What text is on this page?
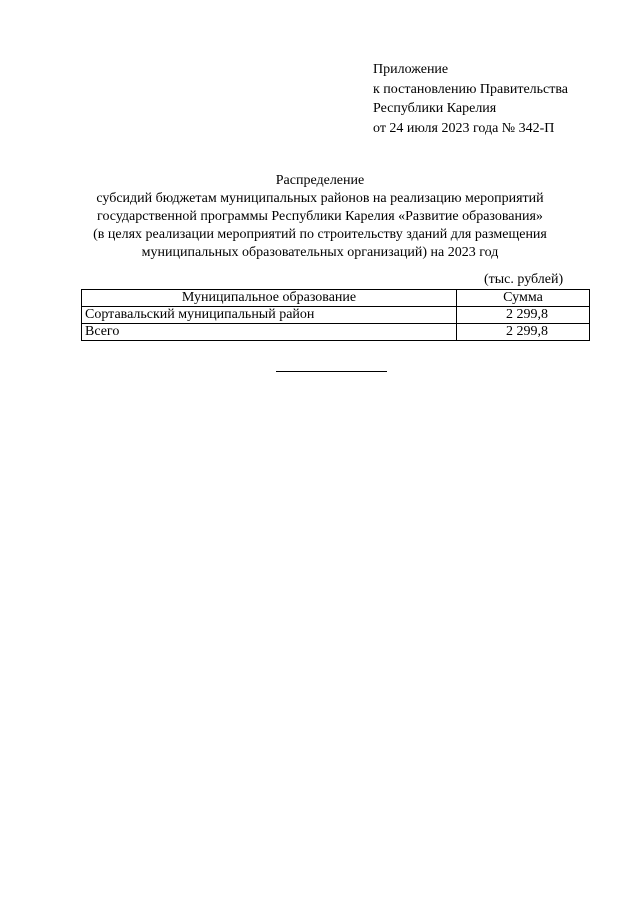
Приложение
к постановлению Правительства
Республики Карелия
от 24 июля 2023 года № 342-П
Распределение
субсидий бюджетам муниципальных районов на реализацию мероприятий
государственной программы Республики Карелия «Развитие образования»
(в целях реализации мероприятий по строительству зданий для размещения
муниципальных образовательных организаций) на 2023 год
(тыс. рублей)
Муниципальное образование	Сумма
Сортавальский муниципальный район	2 299,8
Всего	2 299,8
